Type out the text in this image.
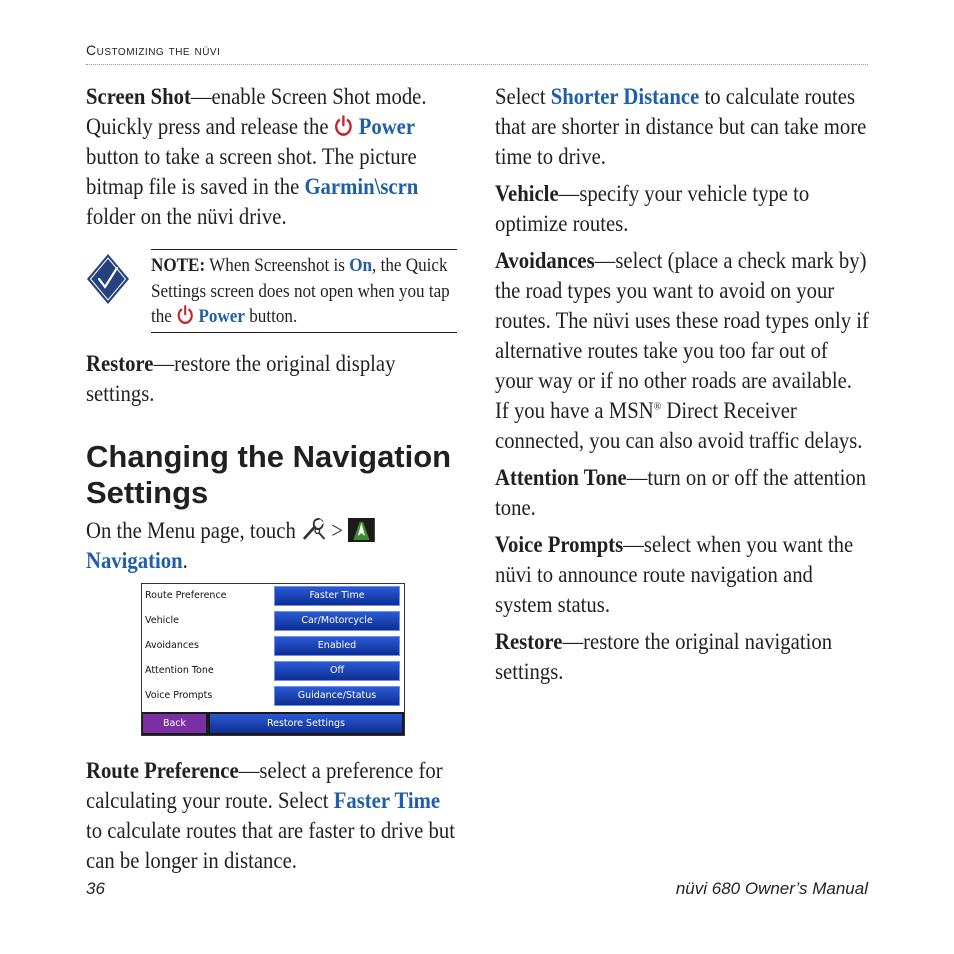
Customizing the nüvi

Screen Shot—enable Screen Shot mode. Quickly press and release the  Power button to take a screen shot. The picture bitmap file is saved in the Garmin\scrn folder on the nüvi drive.

NOTE: When Screenshot is On, the Quick Settings screen does not open when you tap the  Power button.

Restore—restore the original display settings.

Changing the Navigation Settings

On the Menu page, touch  >
Navigation.

Route Preference	Faster Time
Vehicle	Car/Motorcycle
Avoidances	Enabled
Attention Tone	Off
Voice Prompts	Guidance/Status
Back	Restore Settings

Route Preference—select a preference for calculating your route. Select Faster Time to calculate routes that are faster to drive but can be longer in distance.

Select Shorter Distance to calculate routes that are shorter in distance but can take more time to drive.

Vehicle—specify your vehicle type to optimize routes.

Avoidances—select (place a check mark by) the road types you want to avoid on your routes. The nüvi uses these road types only if alternative routes take you too far out of your way or if no other roads are available. If you have a MSN® Direct Receiver connected, you can also avoid traffic delays.

Attention Tone—turn on or off the attention tone.

Voice Prompts—select when you want the nüvi to announce route navigation and system status.

Restore—restore the original navigation settings.

36	nüvi 680 Owner’s Manual
